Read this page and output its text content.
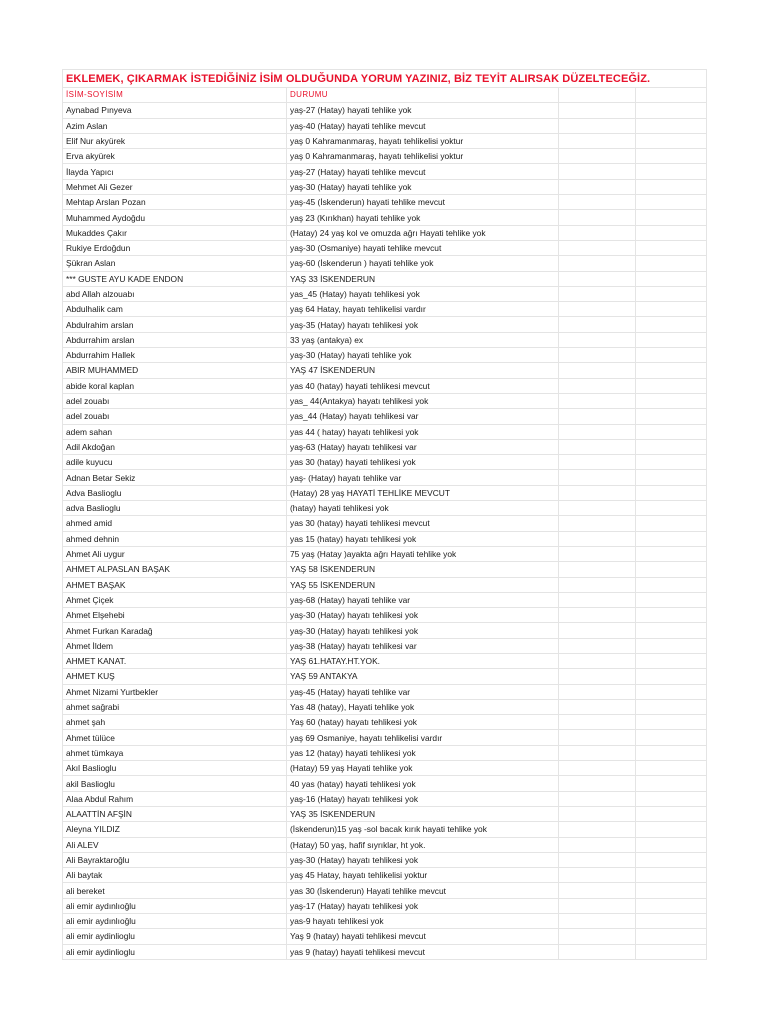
EKLEMEK, ÇIKARMAK İSTEDİĞİNİZ İSİM OLDUĞUNDA YORUM YAZINIZ, BİZ TEYİT ALIRSAK DÜZELTECEĞİZ.			
İSİM-SOYİSİM	DURUMU		
Aynabad Pınyeva	yaş-27 (Hatay) hayati tehlike yok		
Azim Aslan	yaş-40 (Hatay) hayati tehlike mevcut		
Elif Nur akyürek	yaş 0 Kahramanmaraş, hayatı tehlikelisi yoktur		
Erva akyürek	yaş 0 Kahramanmaraş, hayatı tehlikelisi yoktur		
İlayda Yapıcı	yaş-27 (Hatay) hayati tehlike mevcut		
Mehmet Ali Gezer	yaş-30 (Hatay) hayati tehlike yok		
Mehtap Arslan Pozan	yaş-45 (İskenderun) hayati tehlike mevcut		
Muhammed Aydoğdu	yaş 23 (Kırıkhan) hayati tehlike yok		
Mukaddes Çakır	(Hatay) 24 yaş kol ve omuzda ağrı Hayati tehlike yok		
Rukiye Erdoğdun	yaş-30 (Osmaniye) hayati tehlike mevcut		
Şükran Aslan	yaş-60 (İskenderun ) hayati tehlike yok		
*** GUSTE AYU KADE ENDON	YAŞ 33 İSKENDERUN		
abd Allah alzouabı	yas_45 (Hatay) hayatı tehlikesi yok		
Abdulhalik cam	yaş 64 Hatay, hayatı tehlikelisi vardır		
Abdulrahim arslan	yaş-35 (Hatay) hayatı tehlikesi yok		
Abdurrahim arslan	33 yaş (antakya) ex		
Abdurrahim Hallek	yaş-30 (Hatay) hayati tehlike yok		
ABIR MUHAMMED	YAŞ 47 İSKENDERUN		
abide koral kaplan	yas 40 (hatay) hayati tehlikesi mevcut		
adel zouabı	yas_ 44(Antakya) hayatı tehlikesi yok		
adel zouabı	yas_44 (Hatay) hayatı tehlikesi var		
adem sahan	yas 44 ( hatay) hayatı tehlikesi yok		
Adil Akdoğan	yaş-63 (Hatay) hayatı tehlikesi var		
adile kuyucu	yas 30 (hatay) hayati tehlikesi yok		
Adnan Betar Sekiz	yaş- (Hatay) hayatı tehlike var		
Adva Baslioglu	(Hatay) 28 yaş HAYATİ TEHLİKE MEVCUT		
adva Baslioglu	(hatay) hayati tehlikesi yok		
ahmed amid	yas 30 (hatay) hayati tehlikesi mevcut		
ahmed dehnin	yas 15 (hatay) hayatı tehlikesi yok		
Ahmet Ali uygur	75 yaş (Hatay )ayakta ağrı Hayati tehlike yok		
AHMET ALPASLAN BAŞAK	YAŞ 58 İSKENDERUN		
AHMET BAŞAK	YAŞ 55 İSKENDERUN		
Ahmet Çiçek	yaş-68 (Hatay) hayati tehlike var		
Ahmet Elşehebi	yaş-30 (Hatay) hayatı tehlikesi yok		
Ahmet Furkan Karadağ	yaş-30 (Hatay) hayatı tehlikesi yok		
Ahmet İldem	yaş-38 (Hatay) hayatı tehlikesi var		
AHMET KANAT.	YAŞ 61.HATAY.HT.YOK.		
AHMET KUŞ	YAŞ 59 ANTAKYA		
Ahmet Nizami Yurtbekler	yaş-45 (Hatay) hayati tehlike var		
ahmet sağrabi	Yas 48 (hatay), Hayati tehlike yok		
ahmet şah	Yaş 60 (hatay) hayatı tehlikesi yok		
Ahmet tülüce	yaş 69 Osmaniye, hayatı tehlikelisi vardır		
ahmet tümkaya	yas 12 (hatay) hayati tehlikesi yok		
Akıl Baslioglu	(Hatay) 59 yaş Hayati tehlike yok		
akil Baslioglu	40 yas (hatay) hayati tehlikesi yok		
Alaa Abdul Rahım	yaş-16 (Hatay) hayatı tehlikesi yok		
ALAATTİN AFŞİN	YAŞ 35 İSKENDERUN		
Aleyna YILDIZ	(İskenderun)15 yaş -sol bacak kırık hayati tehlike yok		
Ali ALEV	(Hatay) 50 yaş, hafif sıyrıklar, ht yok.		
Ali Bayraktaroğlu	yaş-30 (Hatay) hayatı tehlikesi yok		
Ali baytak	yaş 45 Hatay, hayatı tehlikelisi yoktur		
ali bereket	yas 30 (İskenderun) Hayati tehlike mevcut		
ali emir aydınlıoğlu	yaş-17 (Hatay) hayatı tehlikesi yok		
ali emir aydınlıoğlu	yas-9 hayatı tehlikesi yok		
ali emir aydinlioglu	Yaş 9 (hatay) hayati tehlikesi mevcut		
ali emir aydinlioglu	yas 9 (hatay) hayati tehlikesi mevcut		
